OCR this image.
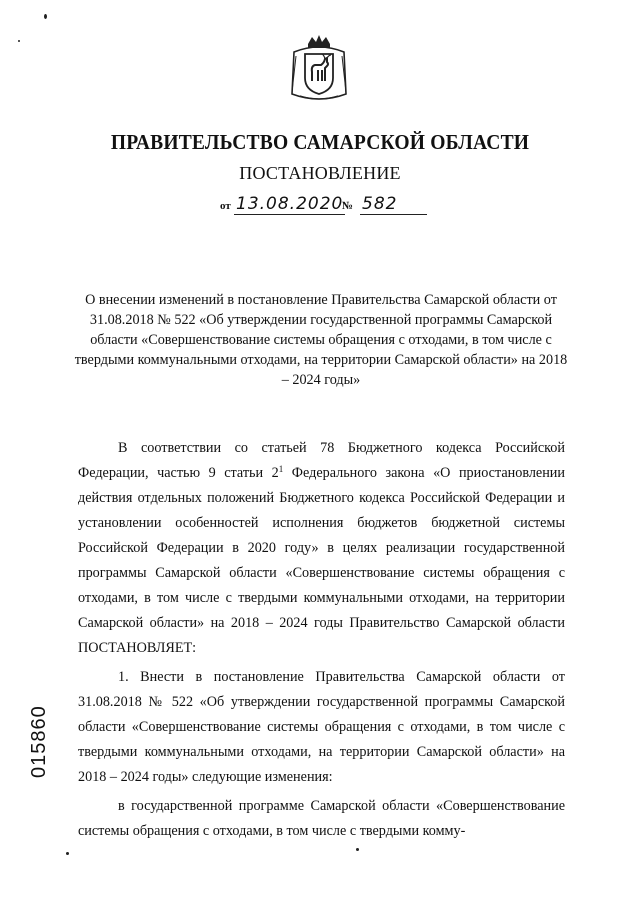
ПРАВИТЕЛЬСТВО САМАРСКОЙ ОБЛАСТИ
ПОСТАНОВЛЕНИЕ
от 13.08.2020
№ 582
О внесении изменений в постановление Правительства Самарской области от 31.08.2018 № 522 «Об утверждении государственной программы Самарской области «Совершенствование системы обращения с отходами, в том числе с твердыми коммунальными отходами, на территории Самарской области» на 2018 – 2024 годы»

В соответствии со статьей 78 Бюджетного кодекса Российской Федерации, частью 9 статьи $2^1$ Федерального закона «О приостановлении действия отдельных положений Бюджетного кодекса Российской Федерации и установлении особенностей исполнения бюджетов бюджетной системы Российской Федерации в 2020 году» в целях реализации государственной программы Самарской области «Совершенствование системы обращения с отходами, в том числе с твердыми коммунальными отходами, на территории Самарской области» на 2018 – 2024 годы Правительство Самарской области ПОСТАНОВЛЯЕТ:

1. Внести в постановление Правительства Самарской области от 31.08.2018 № 522 «Об утверждении государственной программы Самарской области «Совершенствование системы обращения с отходами, в том числе с твердыми коммунальными отходами, на территории Самарской области» на 2018 – 2024 годы» следующие изменения:

в государственной программе Самарской области «Совершенствование системы обращения с отходами, в том числе с твердыми комму-

015860
